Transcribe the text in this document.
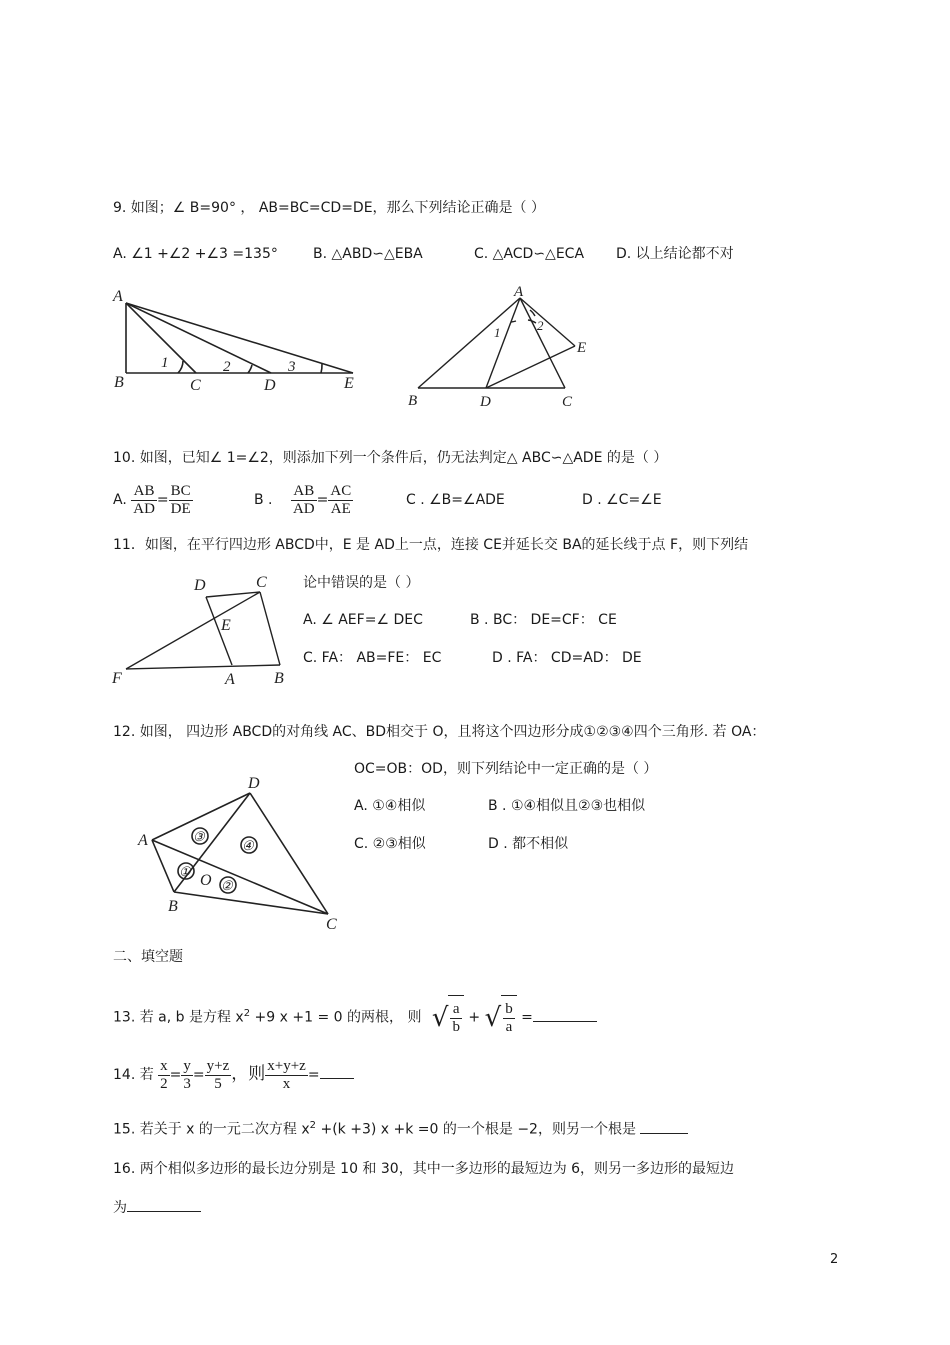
9. 如图；∠ B=90° ， AB=BC=CD=DE，那么下列结论正确是（ ）
A. ∠1 +∠2 +∠3 =135°	B. △ABD∽△EBA	C. △ACD∽△ECA D. 以上结论都不对
A
B	C	D	E
1	2	3
A
B	D	C
E
1	2
10. 如图，已知∠ 1=∠2，则添加下列一个条件后，仍无法判定△ ABC∽△ADE 的是（ ）
A. $\frac{AB}{AD} = \frac{BC}{DE}$	B . $\frac{AB}{AD} = \frac{AC}{AE}$	C . ∠B=∠ADE	D . ∠C=∠E
11．如图，在平行四边形 ABCD中，E 是 AD上一点，连接 CE并延长交 BA的延长线于点 F，则下列结
论中错误的是（ ）
A. ∠ AEF=∠ DEC	B . BC： DE=CF： CE
C. FA： AB=FE： EC	D . FA： CD=AD： DE
D	C
E
F	A B
12. 如图， 四边形 ABCD的对角线 AC、BD相交于 O，且将这个四边形分成①②③④四个三角形. 若 OA：
OC=OB：OD，则下列结论中一定正确的是（ ）
A. ①④相似	B . ①④相似且②③也相似
C. ②③相似	D . 都不相似
D
A
B
C
O
①
②
③
④
二、填空题
13. 若 a, b 是方程 $x^2 +9$ x +1 = 0 的两根， 则 √ $\frac{a}{b}$ + √ $\frac{b}{a}$ =
14. 若 $\frac{x}{2} = \frac{y}{3} = \frac{y+z}{5}$ ，则 $\frac{x+y+z}{x}$ =
15. 若关于 x 的一元二次方程 $x^2 +(k +3)$ x +k =0 的一个根是 −2，则另一个根是
16. 两个相似多边形的最长边分别是 10 和 30，其中一多边形的最短边为 6，则另一多边形的最短边
为
2
